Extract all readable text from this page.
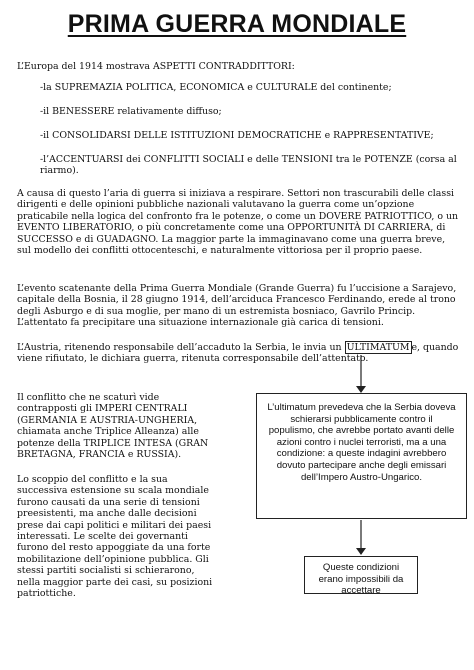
PRIMA GUERRA MONDIALE

L’Europa del 1914 mostrava ASPETTI CONTRADDITTORI:

-la SUPREMAZIA POLITICA, ECONOMICA e CULTURALE del continente;

-il BENESSERE relativamente diffuso;

-il CONSOLIDARSI DELLE ISTITUZIONI DEMOCRATICHE e RAPPRESENTATIVE;

-l’ACCENTUARSI dei CONFLITTI SOCIALI e delle TENSIONI tra le POTENZE (corsa al riarmo).

A causa di questo l’aria di guerra si iniziava a respirare. Settori non trascurabili delle classi dirigenti e delle opinioni pubbliche nazionali valutavano la guerra come un’opzione praticabile nella logica del confronto fra le potenze, o come un DOVERE PATRIOTTICO, o un EVENTO LIBERATORIO, o più concretamente come una OPPORTUNITÀ DI CARRIERA, di SUCCESSO e di GUADAGNO. La maggior parte la immaginavano come una guerra breve, sul modello dei conflitti ottocenteschi, e naturalmente vittoriosa per il proprio paese.

L’evento scatenante della Prima Guerra Mondiale (Grande Guerra) fu l’uccisione a Sarajevo, capitale della Bosnia, il 28 giugno 1914, dell’arciduca Francesco Ferdinando, erede al trono degli Asburgo e di sua moglie, per mano di un estremista bosniaco, Gavrilo Princip. L’attentato fa precipitare una situazione internazionale già carica di tensioni.

L’Austria, ritenendo responsabile dell’accaduto la Serbia, le invia un ULTIMATUM e, quando viene rifiutato, le dichiara guerra, ritenuta corresponsabile dell’attentato.

Il conflitto che ne scaturì vide contrapposti gli IMPERI CENTRALI (GERMANIA E AUSTRIA-UNGHERIA, chiamata anche Triplice Alleanza) alle potenze della TRIPLICE INTESA (GRAN BRETAGNA, FRANCIA e RUSSIA).

Lo scoppio del conflitto e la sua successiva estensione su scala mondiale furono causati da una serie di tensioni preesistenti, ma anche dalle decisioni prese dai capi politici e militari dei paesi interessati. Le scelte dei governanti furono del resto appoggiate da una forte mobilitazione dell’opinione pubblica. Gli stessi partiti socialisti si schierarono, nella maggior parte dei casi, su posizioni patriottiche.

L’ultimatum prevedeva che la Serbia doveva schierarsi pubblicamente contro il populismo, che avrebbe portato avanti delle azioni contro i nuclei terroristi, ma a una condizione: a queste indagini avrebbero dovuto partecipare anche degli emissari dell’Impero Austro-Ungarico.
Queste condizioni erano impossibili da accettare
